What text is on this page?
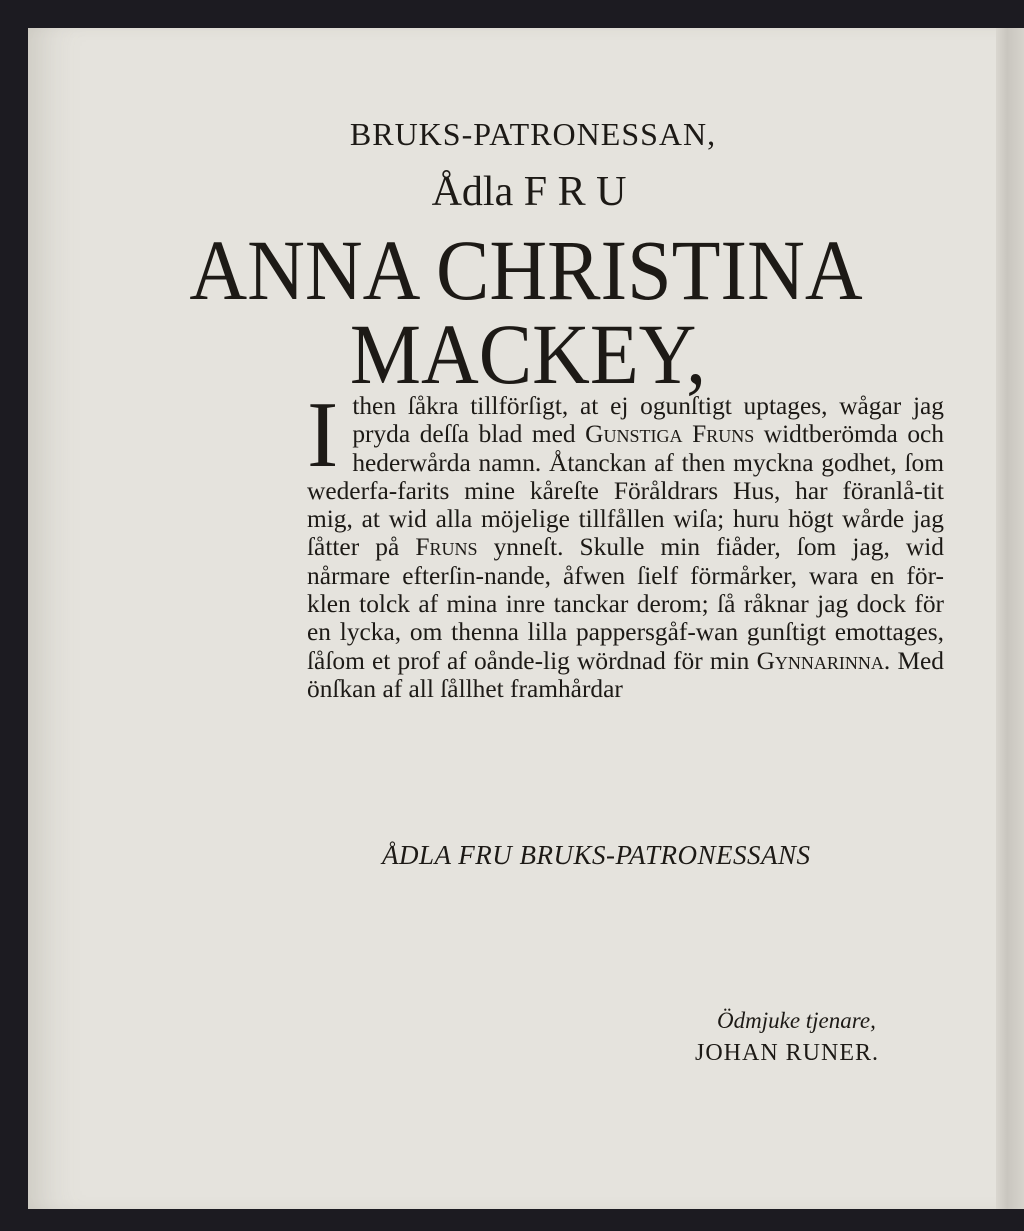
BRUKS-PATRONESSAN,
Ådla F R U
ANNA CHRISTINA
MACKEY,
Ithen ſåkra tillförſigt, at ej ogunſtigt uptages, wågar jag pryda deſſa blad med Gunstiga Fruns widtberömda och hederwårda namn. Åtanckan af then myckna godhet, ſom wederfa-farits mine kåreſte Föråldrars Hus, har föranlå-tit mig, at wid alla möjelige tillfållen wiſa; huru högt wårde jag ſåtter på Fruns ynneſt. Skulle min fiåder, ſom jag, wid nårmare efterſin-nande, åfwen ſielf förmårker, wara en för-klen tolck af mina inre tanckar derom; ſå råknar jag dock för en lycka, om thenna lilla pappersgåf-wan gunſtigt emottages, ſåſom et prof af oånde-lig wördnad för min Gynnarinna. Med önſkan af all ſållhet framhårdar
ÅDLA FRU BRUKS-PATRONESSANS
Ödmjuke tjenare,
JOHAN RUNER.
